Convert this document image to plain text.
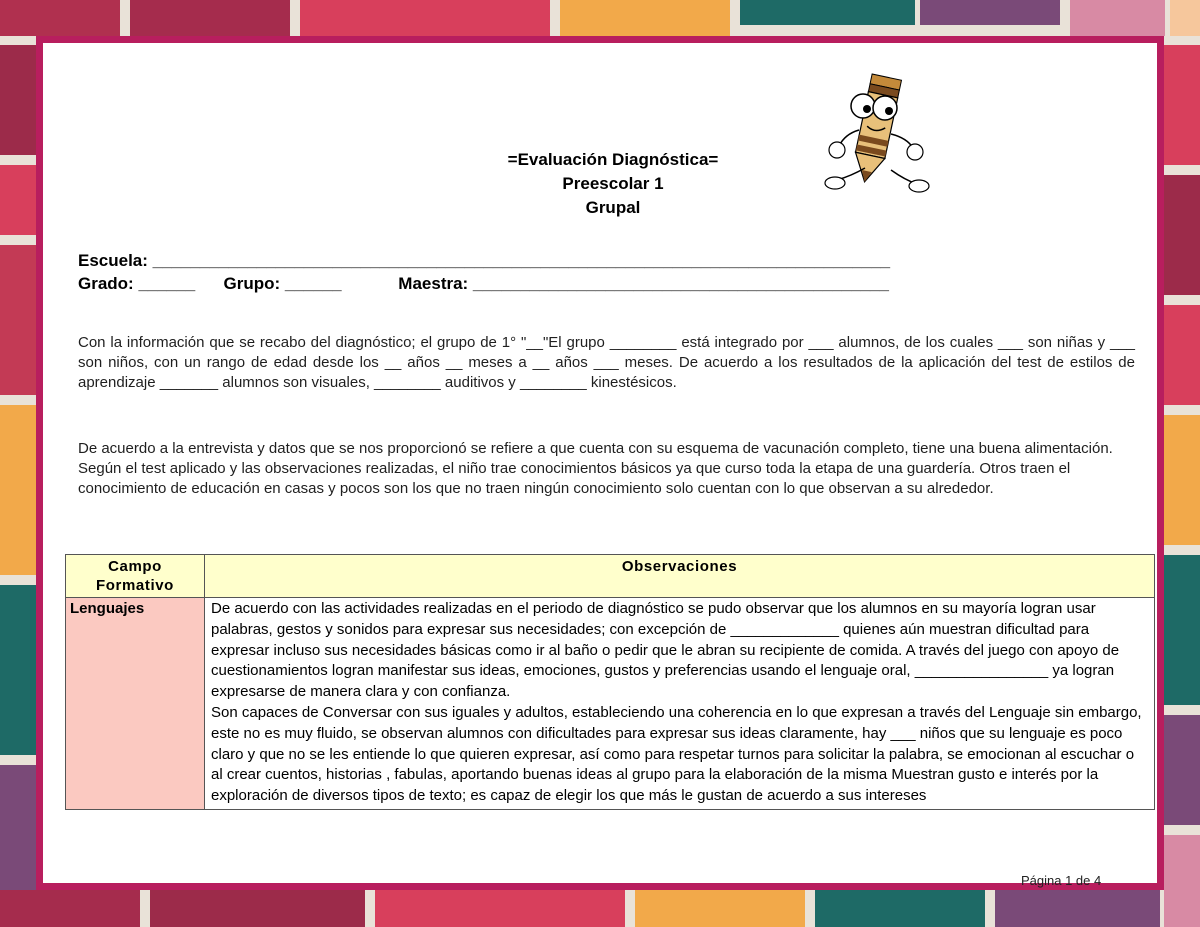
=Evaluación Diagnóstica=
Preescolar 1
Grupal
Escuela: ______________________________________________________________________________
Grado: ______      Grupo: ______            Maestra: ____________________________________________
Con la información que se recabo del diagnóstico; el grupo de 1° "__"El grupo ________ está integrado por ___ alumnos, de los cuales ___ son niñas y ___ son niños, con un rango de edad desde los __ años __ meses a __ años ___ meses. De acuerdo a los resultados de la aplicación del test de estilos de aprendizaje _______ alumnos son visuales, ________ auditivos y ________ kinestésicos.
De acuerdo a la entrevista y datos que se nos proporcionó se refiere a que cuenta con su esquema de vacunación completo, tiene una buena alimentación. Según el test aplicado y las observaciones realizadas, el niño trae conocimientos básicos ya que curso toda la etapa de una guardería. Otros traen el conocimiento de educación en casas y pocos son los que no traen ningún conocimiento solo cuentan con lo que observan a su alrededor.
Campo Formativo	Observaciones
Lenguajes	De acuerdo con las actividades realizadas en el periodo de diagnóstico se pudo observar que los alumnos en su mayoría logran usar palabras, gestos y sonidos para expresar sus necesidades; con excepción de _____________ quienes aún muestran dificultad para expresar incluso sus necesidades básicas como ir al baño o pedir que le abran su recipiente de comida. A través del juego con apoyo de cuestionamientos logran manifestar sus ideas, emociones, gustos y preferencias usando el lenguaje oral, ________________ ya logran expresarse de manera clara y con confianza.
Son capaces de Conversar con sus iguales y adultos, estableciendo una coherencia en lo que expresan a través del Lenguaje sin embargo, este no es muy fluido, se observan alumnos con dificultades para expresar sus ideas claramente, hay ___ niños que su lenguaje es poco claro y que no se les entiende lo que quieren expresar, así como para respetar turnos para solicitar la palabra, se emocionan al escuchar o al crear cuentos, historias , fabulas, aportando buenas ideas al grupo para la elaboración de la misma Muestran gusto e interés por la exploración de diversos tipos de texto; es capaz de elegir los que más le gustan de acuerdo a sus intereses
Página 1 de 4
